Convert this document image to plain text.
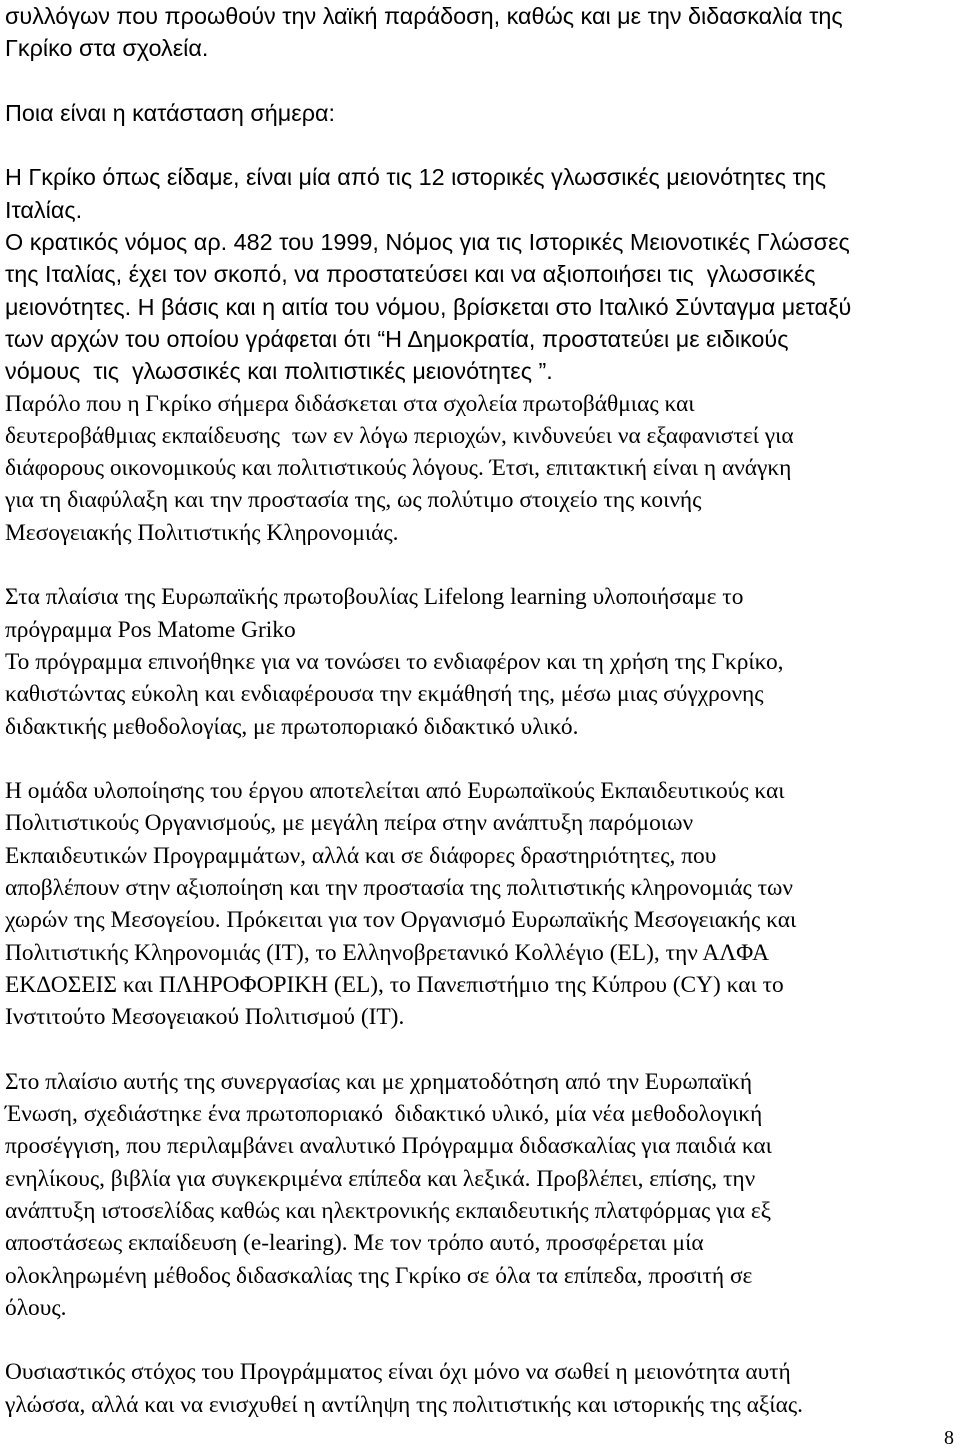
συλλόγων που προωθούν την λαϊκή παράδοση, καθώς και με την διδασκαλία της
Γκρίκο στα σχολεία.
Ποια είναι η κατάσταση σήμερα:
Η Γκρίκο όπως είδαμε, είναι μία από τις 12 ιστορικές γλωσσικές μειονότητες της
Ιταλίας.
Ο κρατικός νόμος αρ. 482 του 1999, Νόμος για τις Ιστορικές Μειονοτικές Γλώσσες
της Ιταλίας, έχει τον σκοπό, να προστατεύσει και να αξιοποιήσει τις  γλωσσικές
μειονότητες. Η βάσις και η αιτία του νόμου, βρίσκεται στο Ιταλικό Σύνταγμα μεταξύ
των αρχών του οποίου γράφεται ότι “Η Δημοκρατία, προστατεύει με ειδικούς
νόμους  τις  γλωσσικές και πολιτιστικές μειονότητες ”.
Παρόλο που η Γκρίκο σήμερα διδάσκεται στα σχολεία πρωτοβάθμιας και
δευτεροβάθμιας εκπαίδευσης  των εν λόγω περιοχών, κινδυνεύει να εξαφανιστεί για
διάφορους οικονομικούς και πολιτιστικούς λόγους. Έτσι, επιτακτική είναι η ανάγκη
για τη διαφύλαξη και την προστασία της, ως πολύτιμο στοιχείο της κοινής
Μεσογειακής Πολιτιστικής Κληρονομιάς.
Στα πλαίσια της Ευρωπαϊκής πρωτοβουλίας Lifelong learning υλοποιήσαμε το
πρόγραμμα Pos Matome Griko
Το πρόγραμμα επινοήθηκε για να τονώσει το ενδιαφέρον και τη χρήση της Γκρίκο,
καθιστώντας εύκολη και ενδιαφέρουσα την εκμάθησή της, μέσω μιας σύγχρονης
διδακτικής μεθοδολογίας, με πρωτοποριακό διδακτικό υλικό.
Η ομάδα υλοποίησης του έργου αποτελείται από Ευρωπαϊκούς Εκπαιδευτικούς και
Πολιτιστικούς Οργανισμούς, με μεγάλη πείρα στην ανάπτυξη παρόμοιων
Εκπαιδευτικών Προγραμμάτων, αλλά και σε διάφορες δραστηριότητες, που
αποβλέπουν στην αξιοποίηση και την προστασία της πολιτιστικής κληρονομιάς των
χωρών της Μεσογείου. Πρόκειται για τον Οργανισμό Ευρωπαϊκής Μεσογειακής και
Πολιτιστικής Κληρονομιάς (IT), το Ελληνοβρετανικό Κολλέγιο (EL), την ΑΛΦΑ
ΕΚΔΟΣΕΙΣ και ΠΛΗΡΟΦΟΡΙΚΗ (EL), το Πανεπιστήμιο της Κύπρου (CY) και το
Ινστιτούτο Μεσογειακού Πολιτισμού (IT).
Στο πλαίσιο αυτής της συνεργασίας και με χρηματοδότηση από την Ευρωπαϊκή
Ένωση, σχεδιάστηκε ένα πρωτοποριακό  διδακτικό υλικό, μία νέα μεθοδολογική
προσέγγιση, που περιλαμβάνει αναλυτικό Πρόγραμμα διδασκαλίας για παιδιά και
ενηλίκους, βιβλία για συγκεκριμένα επίπεδα και λεξικά. Προβλέπει, επίσης, την
ανάπτυξη ιστοσελίδας καθώς και ηλεκτρονικής εκπαιδευτικής πλατφόρμας για εξ
αποστάσεως εκπαίδευση (e-learing). Με τον τρόπο αυτό, προσφέρεται μία
ολοκληρωμένη μέθοδος διδασκαλίας της Γκρίκο σε όλα τα επίπεδα, προσιτή σε
όλους.
Ουσιαστικός στόχος του Προγράμματος είναι όχι μόνο να σωθεί η μειονότητα αυτή
γλώσσα, αλλά και να ενισχυθεί η αντίληψη της πολιτιστικής και ιστορικής της αξίας.
8
